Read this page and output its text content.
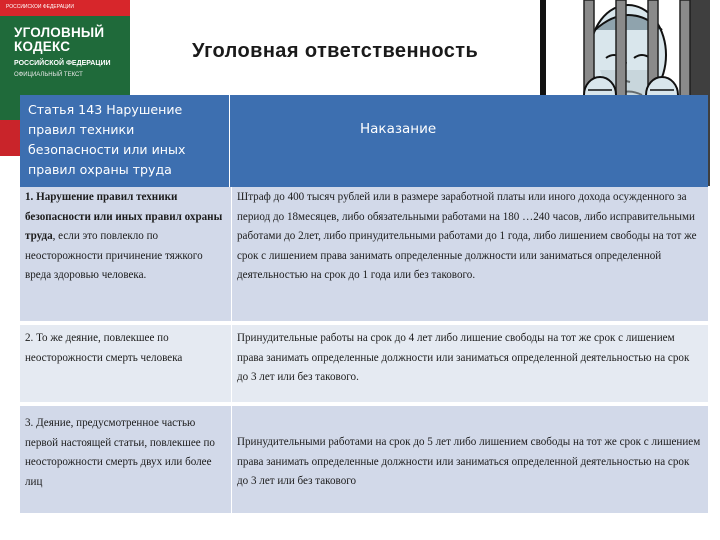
РОССИЙСКОЙ ФЕДЕРАЦИИ
УГОЛОВНЫЙ
КОДЕКС
РОССИЙСКОЙ ФЕДЕРАЦИИ
ОФИЦИАЛЬНЫЙ ТЕКСТ
Уголовная ответственность
Статья 143 Нарушение правил техники безопасности или иных правил охраны труда
Наказание
1. Нарушение правил техники безопасности или иных правил охраны труда, если это повлекло по неосторожности причинение тяжкого вреда здоровью человека.
Штраф до 400 тысяч рублей или в размере заработной платы или иного дохода осужденного за период до 18месяцев, либо обязательными работами на 180 …240 часов, либо исправительными работами до 2лет, либо принудительными работами до 1 года, либо лишением свободы на тот же срок с лишением права занимать определенные должности или заниматься определенной деятельностью на срок до 1 года или без такового.
2. То же деяние, повлекшее по неосторожности смерть человека
Принудительные работы на срок до 4 лет либо лишение свободы на тот же срок с лишением права занимать определенные должности или заниматься определенной деятельностью на срок до 3 лет или без такового.
3. Деяние, предусмотренное частью первой настоящей статьи, повлекшее по неосторожности смерть двух или более лиц
Принудительными работами на срок до 5 лет либо лишением свободы на тот же срок с лишением права занимать определенные должности или заниматься определенной деятельностью на срок до 3 лет или без такового
